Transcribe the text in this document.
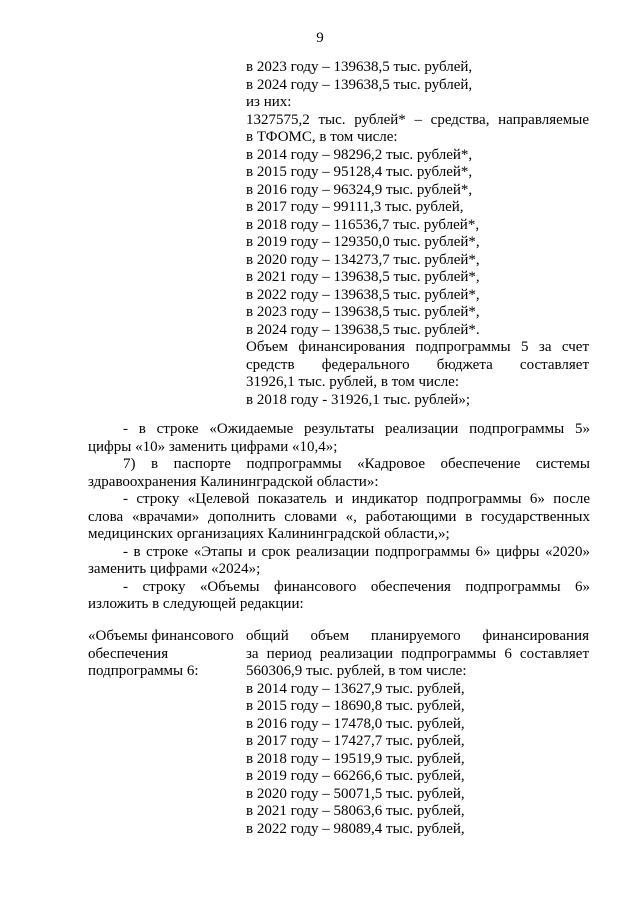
9
в 2023 году – 139638,5 тыс. рублей,
в 2024 году – 139638,5 тыс. рублей,
из них:
1327575,2 тыс. рублей* – средства, направляемые
в ТФОМС, в том числе:
в 2014 году – 98296,2 тыс. рублей*,
в 2015 году – 95128,4 тыс. рублей*,
в 2016 году – 96324,9 тыс. рублей*,
в 2017 году – 99111,3 тыс. рублей,
в 2018 году – 116536,7 тыс. рублей*,
в 2019 году – 129350,0 тыс. рублей*,
в 2020 году – 134273,7 тыс. рублей*,
в 2021 году – 139638,5 тыс. рублей*,
в 2022 году – 139638,5 тыс. рублей*,
в 2023 году – 139638,5 тыс. рублей*,
в 2024 году – 139638,5 тыс. рублей*.
Объем финансирования подпрограммы 5 за счет
средств федерального бюджета составляет
31926,1 тыс. рублей, в том числе:
в 2018 году - 31926,1 тыс. рублей»;
- в строке «Ожидаемые результаты реализации подпрограммы 5»
цифры «10» заменить цифрами «10,4»;
7) в паспорте подпрограммы «Кадровое обеспечение системы
здравоохранения Калининградской области»:
- строку «Целевой показатель и индикатор подпрограммы 6» после
слова «врачами» дополнить словами «, работающими в государственных
медицинских организациях Калининградской области,»;
- в строке «Этапы и срок реализации подпрограммы 6» цифры «2020»
заменить цифрами «2024»;
- строку «Объемы финансового обеспечения подпрограммы 6»
изложить в следующей редакции:
«Объемы финансового
обеспечения
подпрограммы 6:
общий объем планируемого финансирования
за период реализации подпрограммы 6 составляет
560306,9 тыс. рублей, в том числе:
в 2014 году – 13627,9 тыс. рублей,
в 2015 году – 18690,8 тыс. рублей,
в 2016 году – 17478,0 тыс. рублей,
в 2017 году – 17427,7 тыс. рублей,
в 2018 году – 19519,9 тыс. рублей,
в 2019 году – 66266,6 тыс. рублей,
в 2020 году – 50071,5 тыс. рублей,
в 2021 году – 58063,6 тыс. рублей,
в 2022 году – 98089,4 тыс. рублей,
